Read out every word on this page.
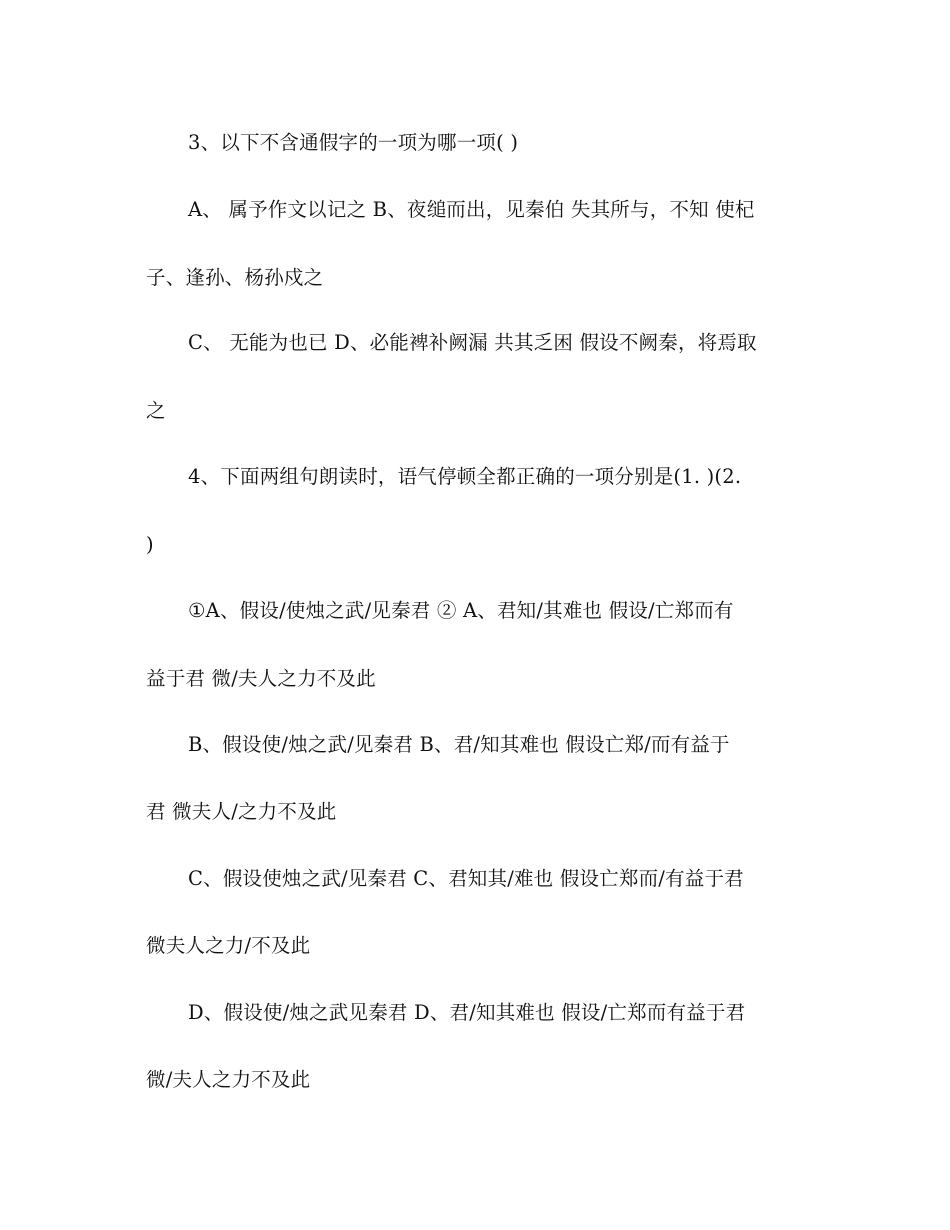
3、以下不含通假字的一项为哪一项( )
A、 属予作文以记之 B、夜缒而出，见秦伯 失其所与，不知 使杞
子、逢孙、杨孙戍之
C、 无能为也已 D、必能裨补阙漏 共其乏困 假设不阙秦，将焉取
之
4、下面两组句朗读时，语气停顿全都正确的一项分别是(1. )(2.
)
①A、假设/使烛之武/见秦君 ② A、君知/其难也 假设/亡郑而有
益于君 微/夫人之力不及此
B、假设使/烛之武/见秦君 B、君/知其难也 假设亡郑/而有益于
君 微夫人/之力不及此
C、假设使烛之武/见秦君 C、君知其/难也 假设亡郑而/有益于君
微夫人之力/不及此
D、假设使/烛之武见秦君 D、君/知其难也 假设/亡郑而有益于君
微/夫人之力不及此
